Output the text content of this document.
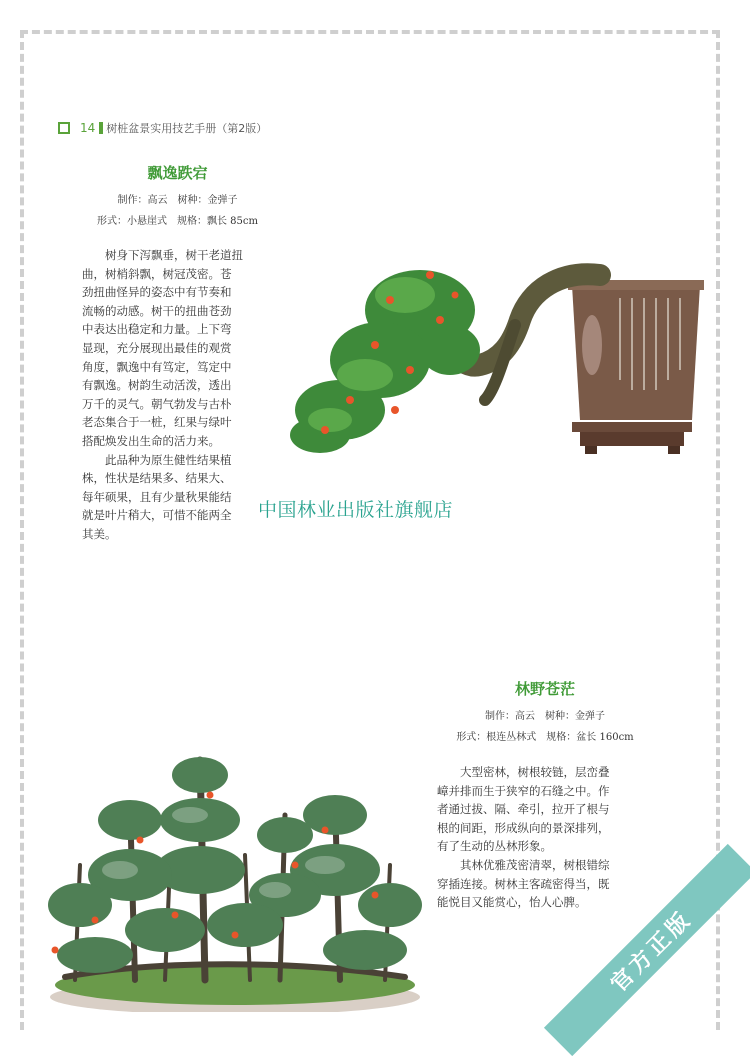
14 树桩盆景实用技艺手册（第2版）
飘逸跌宕
制作：高云　树种：金弹子
形式：小悬崖式　规格：飘长 85cm
树身下泻飘垂，树干老道扭
曲，树梢斜飘，树冠茂密。苍
劲扭曲怪异的姿态中有节奏和
流畅的动感。树干的扭曲苍劲
中表达出稳定和力量。上下弯
显现，充分展现出最佳的观赏
角度，飘逸中有笃定，笃定中
有飘逸。树韵生动活泼，透出
万千的灵气。朝气勃发与古朴
老态集合于一桩，红果与绿叶
搭配焕发出生命的活力来。
此品种为原生健性结果植
株，性状是结果多、结果大、
每年硕果，且有少量秋果能结
就是叶片稍大，可惜不能两全
其美。
中国林业出版社旗舰店
林野苍茫
制作：高云　树种：金弹子
形式：根连丛林式　规格：盆长 160cm
大型密林，树根较链，层峦叠
嶂并排而生于狭窄的石缝之中。作
者通过拔、隔、牵引，拉开了根与
根的间距，形成纵向的景深排列，
有了生动的丛林形象。
其林优雅茂密清翠，树根错综
穿插连接。树林主客疏密得当，既
能悦目又能赏心，怡人心脾。
官方正版
